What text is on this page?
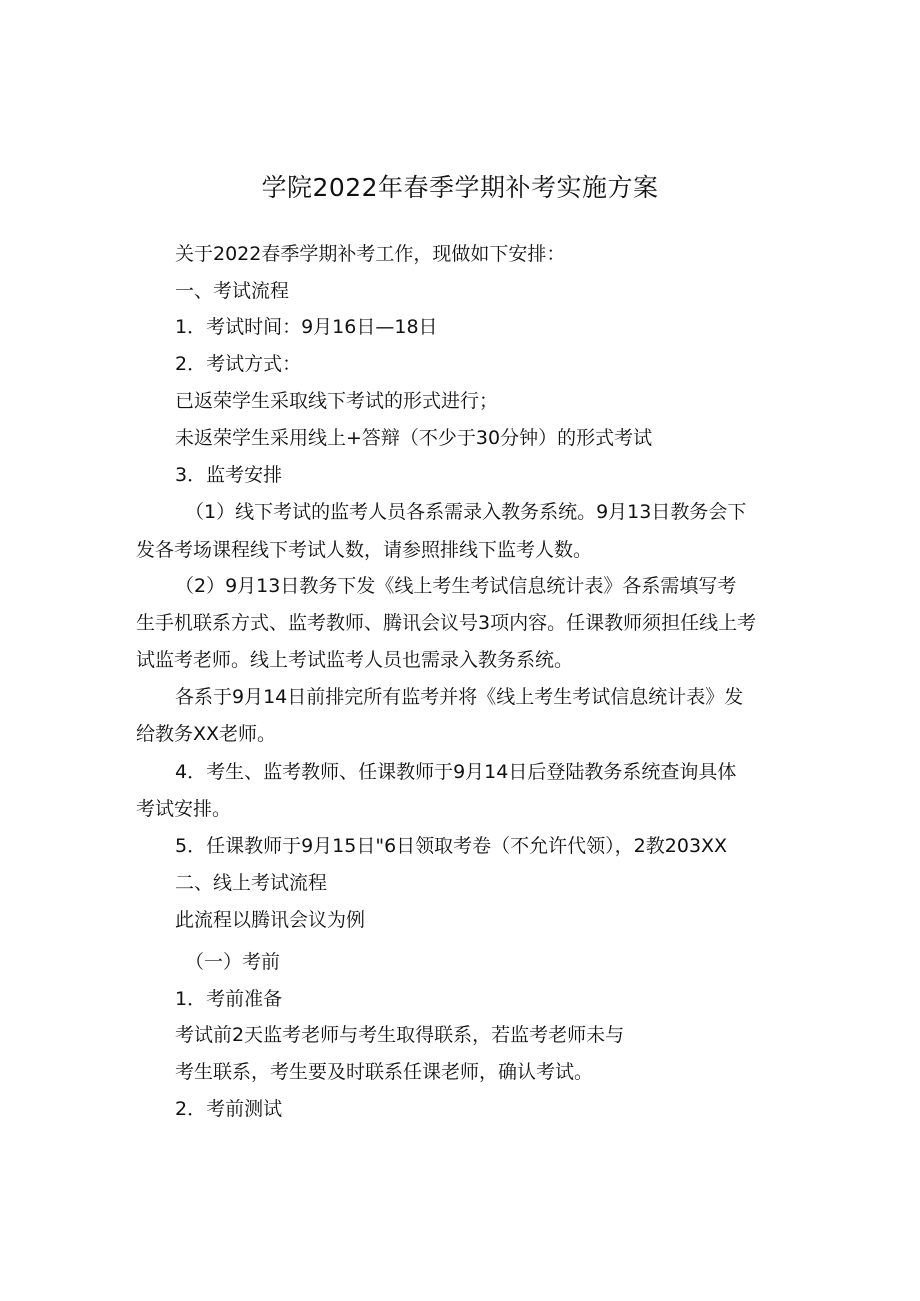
学院2022年春季学期补考实施方案

关于2022春季学期补考工作，现做如下安排：

一、考试流程

1．考试时间：9月16日—18日

2．考试方式：

已返荣学生采取线下考试的形式进行；

未返荣学生采用线上+答辩（不少于30分钟）的形式考试

3．监考安排

（1）线下考试的监考人员各系需录入教务系统。9月13日教务会下

发各考场课程线下考试人数，请参照排线下监考人数。

（2）9月13日教务下发《线上考生考试信息统计表》各系需填写考

生手机联系方式、监考教师、腾讯会议号3项内容。任课教师须担任线上考

试监考老师。线上考试监考人员也需录入教务系统。

各系于9月14日前排完所有监考并将《线上考生考试信息统计表》发

给教务XX老师。

4．考生、监考教师、任课教师于9月14日后登陆教务系统查询具体

考试安排。

5．任课教师于9月15日"6日领取考卷（不允许代领），2教203XX

二、线上考试流程

此流程以腾讯会议为例

（一）考前

1．考前准备

考试前2天监考老师与考生取得联系，若监考老师未与

考生联系，考生要及时联系任课老师，确认考试。

2．考前测试
